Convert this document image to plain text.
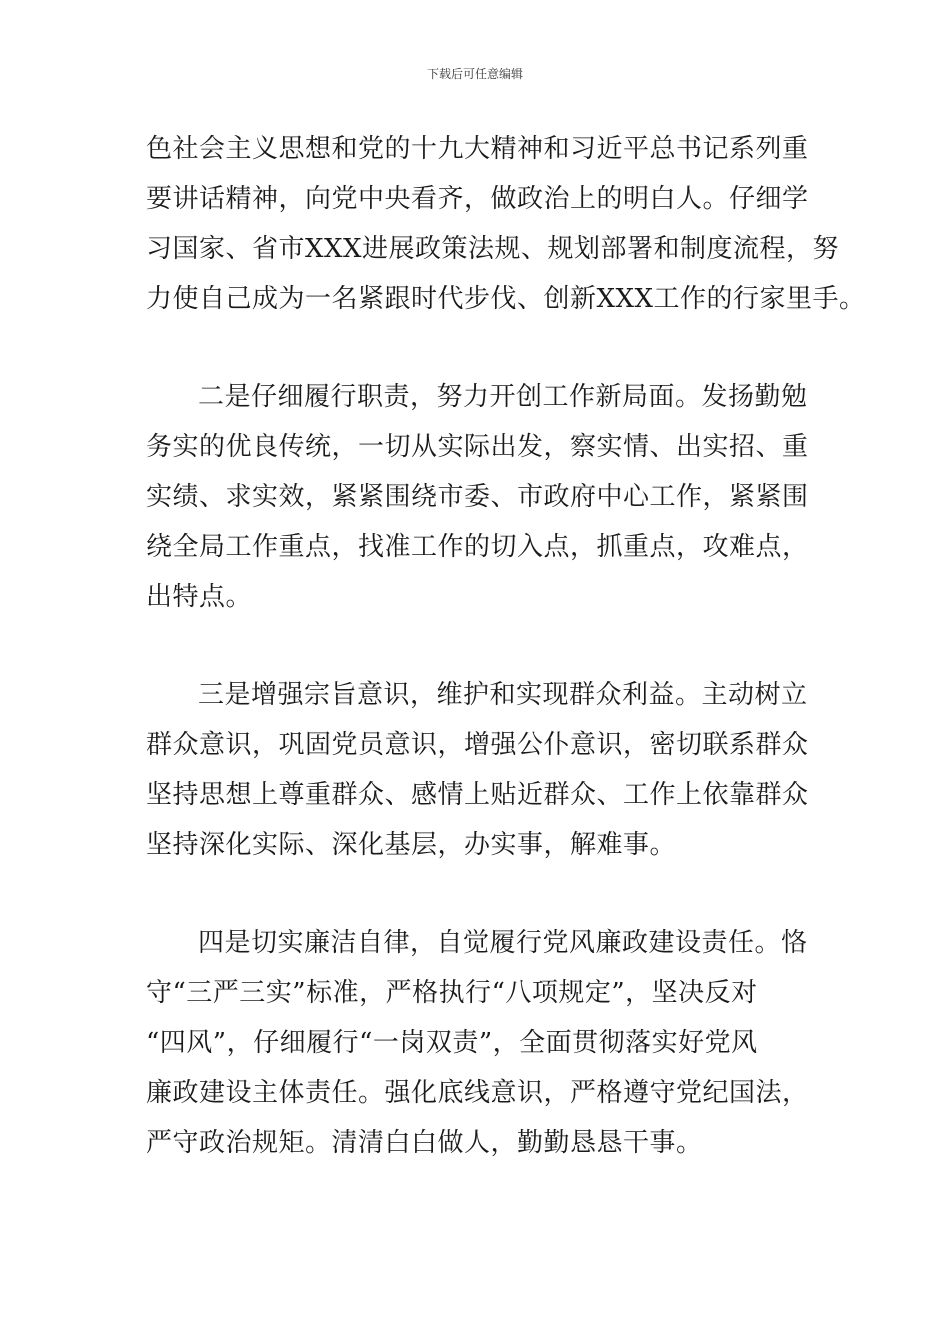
下载后可任意编辑
色社会主义思想和党的十九大精神和习近平总书记系列重
要讲话精神，向党中央看齐，做政治上的明白人。仔细学
习国家、省市XXX进展政策法规、规划部署和制度流程，努
力使自己成为一名紧跟时代步伐、创新XXX工作的行家里手。
二是仔细履行职责，努力开创工作新局面。发扬勤勉
务实的优良传统，一切从实际出发，察实情、出实招、重
实绩、求实效，紧紧围绕市委、市政府中心工作，紧紧围
绕全局工作重点，找准工作的切入点，抓重点，攻难点，
出特点。
三是增强宗旨意识，维护和实现群众利益。主动树立
群众意识，巩固党员意识，增强公仆意识，密切联系群众
坚持思想上尊重群众、感情上贴近群众、工作上依靠群众
坚持深化实际、深化基层，办实事，解难事。
四是切实廉洁自律，自觉履行党风廉政建设责任。恪
守“三严三实”标准，严格执行“八项规定”，坚决反对
“四风”，仔细履行“一岗双责”，全面贯彻落实好党风
廉政建设主体责任。强化底线意识，严格遵守党纪国法，
严守政治规矩。清清白白做人，勤勤恳恳干事。
